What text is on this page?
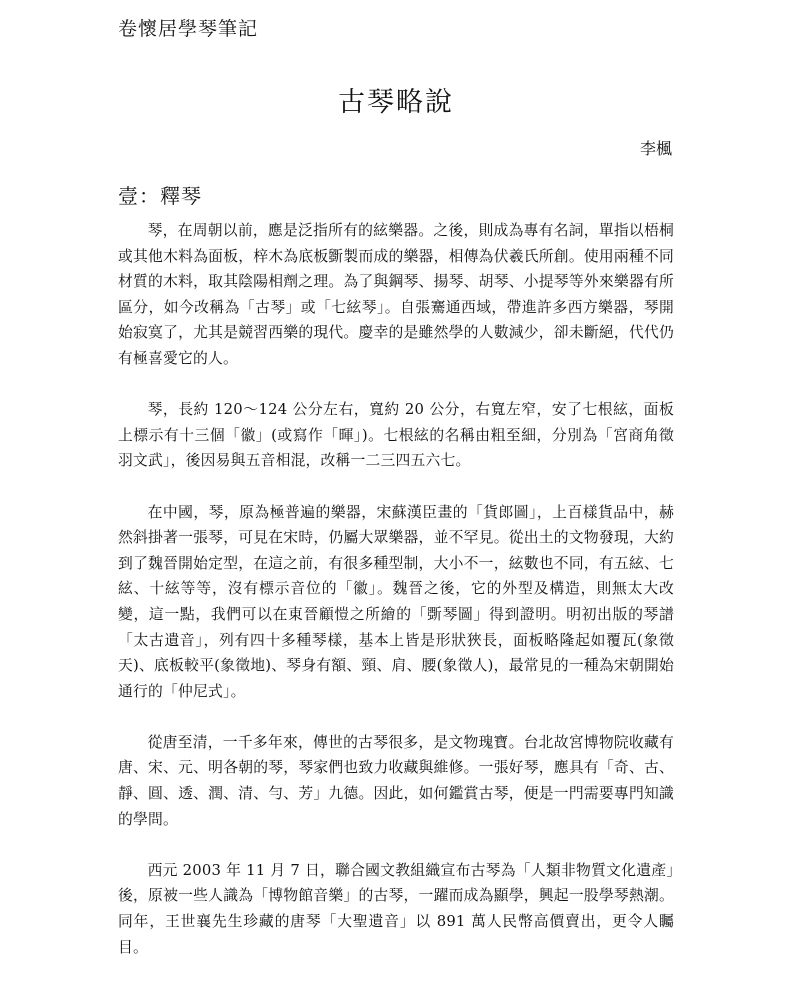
卷懷居學琴筆記
古琴略說
李楓
壹：釋琴

琴，在周朝以前，應是泛指所有的絃樂器。之後，則成為專有名詞，單指以梧桐或其他木料為面板，梓木為底板斵製而成的樂器，相傳為伏羲氏所創。使用兩種不同材質的木料，取其陰陽相劑之理。為了與鋼琴、揚琴、胡琴、小提琴等外來樂器有所區分，如今改稱為「古琴」或「七絃琴」。自張騫通西域，帶進許多西方樂器，琴開始寂寞了，尤其是競習西樂的現代。慶幸的是雖然學的人數減少，卻未斷絕，代代仍有極喜愛它的人。

琴，長約 120～124 公分左右，寬約 20 公分，右寬左窄，安了七根絃，面板上標示有十三個「徽」(或寫作「暉」)。七根絃的名稱由粗至細，分別為「宮商角徵羽文武」，後因易與五音相混，改稱一二三四五六七。

在中國，琴，原為極普遍的樂器，宋蘇漢臣畫的「貨郎圖」，上百樣貨品中，赫然斜掛著一張琴，可見在宋時，仍屬大眾樂器，並不罕見。從出土的文物發現，大約到了魏晉開始定型，在這之前，有很多種型制，大小不一，絃數也不同，有五絃、七絃、十絃等等，沒有標示音位的「徽」。魏晉之後，它的外型及構造，則無太大改變，這一點，我們可以在東晉顧愷之所繪的「斲琴圖」得到證明。明初出版的琴譜「太古遺音」，列有四十多種琴樣，基本上皆是形狀狹長，面板略隆起如覆瓦(象徵天)、底板較平(象徵地)、琴身有額、頸、肩、腰(象徵人)，最常見的一種為宋朝開始通行的「仲尼式」。

從唐至清，一千多年來，傳世的古琴很多，是文物瑰寶。台北故宮博物院收藏有唐、宋、元、明各朝的琴，琴家們也致力收藏與維修。一張好琴，應具有「奇、古、靜、圓、透、潤、清、勻、芳」九德。因此，如何鑑賞古琴，便是一門需要專門知識的學問。

西元 2003 年 11 月 7 日，聯合國文教組織宣布古琴為「人類非物質文化遺產」後，原被一些人識為「博物館音樂」的古琴，一躍而成為顯學，興起一股學琴熱潮。同年，王世襄先生珍藏的唐琴「大聖遺音」以 891 萬人民幣高價賣出，更令人矚目。
